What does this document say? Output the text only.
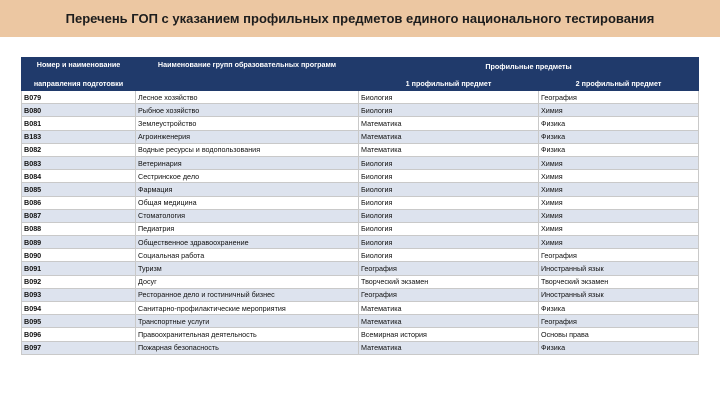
Перечень ГОП с указанием профильных предметов единого национального тестирования
Номер и наименование	Наименование групп образовательных программ	Профильные предметы	
направления подготовки		1 профильный предмет	2 профильный предмет
В079	Лесное хозяйство	Биология	География
В080	Рыбное хозяйство	Биология	Химия
В081	Землеустройство	Математика	Физика
В183	Агроинженерия	Математика	Физика
В082	Водные ресурсы и водопользования	Математика	Физика
В083	Ветеринария	Биология	Химия
В084	Сестринское дело	Биология	Химия
В085	Фармация	Биология	Химия
В086	Общая медицина	Биология	Химия
В087	Стоматология	Биология	Химия
В088	Педиатрия	Биология	Химия
В089	Общественное здравоохранение	Биология	Химия
В090	Социальная работа	Биология	География
В091	Туризм	География	Иностранный язык
В092	Досуг	Творческий экзамен	Творческий экзамен
В093	Ресторанное дело и гостиничный бизнес	География	Иностранный язык
В094	Санитарно-профилактические мероприятия	Математика	Физика
В095	Транспортные услуги	Математика	География
В096	Правоохранительная деятельность	Всемирная история	Основы права
В097	Пожарная безопасность	Математика	Физика
